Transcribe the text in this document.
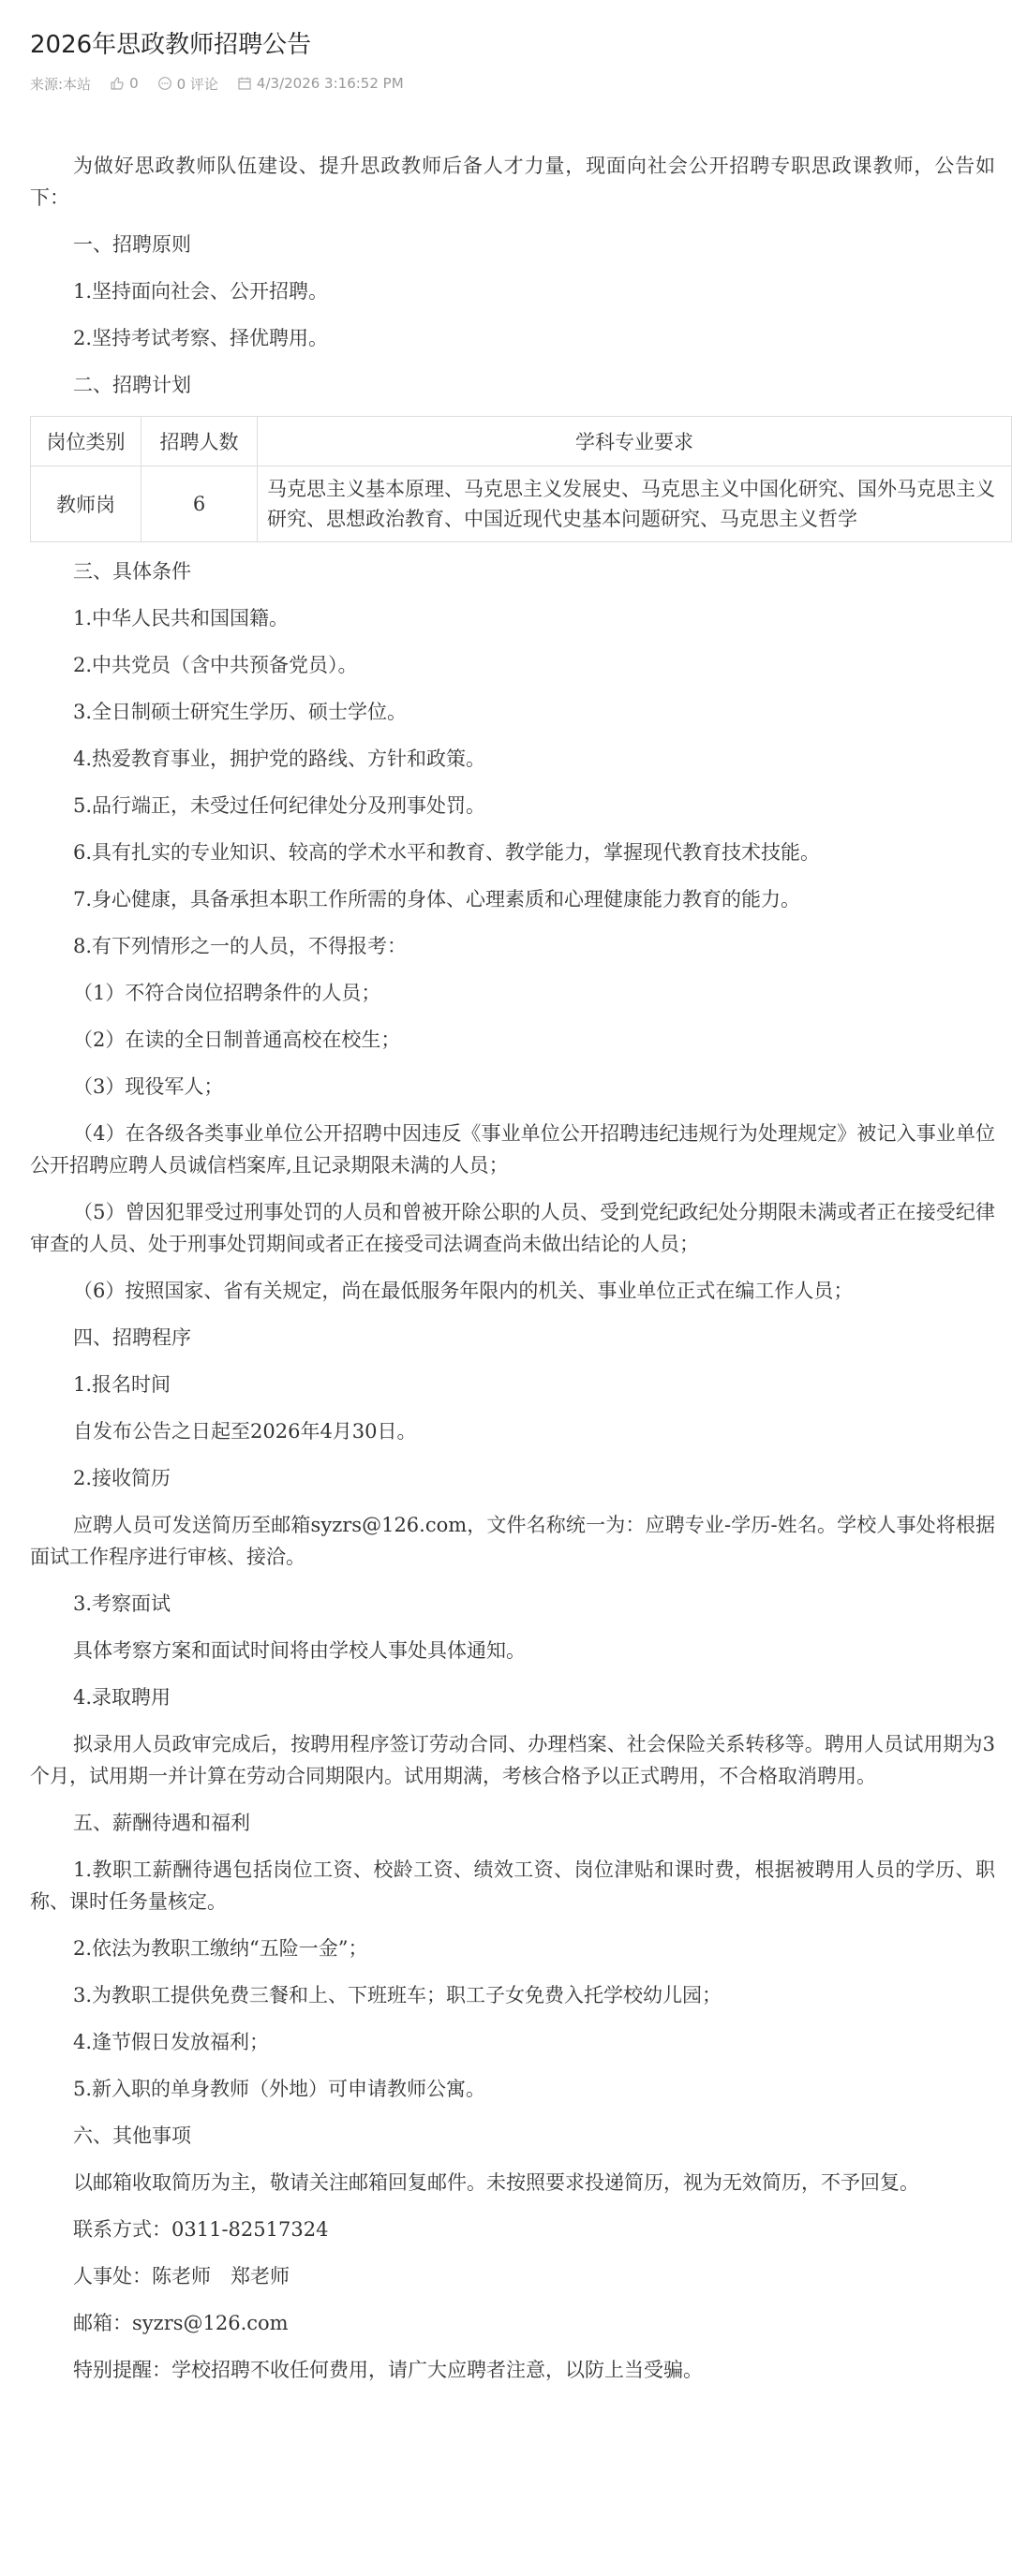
2026年思政教师招聘公告
来源:本站	0	0 评论	4/3/2026 3:16:52 PM

为做好思政教师队伍建设、提升思政教师后备人才力量，现面向社会公开招聘专职思政课教师，公告如下：

一、招聘原则

1.坚持面向社会、公开招聘。

2.坚持考试考察、择优聘用。

二、招聘计划

岗位类别	招聘人数	学科专业要求
教师岗	6	马克思主义基本原理、马克思主义发展史、马克思主义中国化研究、国外马克思主义研究、思想政治教育、中国近现代史基本问题研究、马克思主义哲学

三、具体条件

1.中华人民共和国国籍。

2.中共党员（含中共预备党员）。

3.全日制硕士研究生学历、硕士学位。

4.热爱教育事业，拥护党的路线、方针和政策。

5.品行端正，未受过任何纪律处分及刑事处罚。

6.具有扎实的专业知识、较高的学术水平和教育、教学能力，掌握现代教育技术技能。

7.身心健康，具备承担本职工作所需的身体、心理素质和心理健康能力教育的能力。

8.有下列情形之一的人员，不得报考：

（1）不符合岗位招聘条件的人员；

（2）在读的全日制普通高校在校生；

（3）现役军人；

（4）在各级各类事业单位公开招聘中因违反《事业单位公开招聘违纪违规行为处理规定》被记入事业单位公开招聘应聘人员诚信档案库,且记录期限未满的人员；

（5）曾因犯罪受过刑事处罚的人员和曾被开除公职的人员、受到党纪政纪处分期限未满或者正在接受纪律审查的人员、处于刑事处罚期间或者正在接受司法调查尚未做出结论的人员；

（6）按照国家、省有关规定，尚在最低服务年限内的机关、事业单位正式在编工作人员；

四、招聘程序

1.报名时间

自发布公告之日起至2026年4月30日。

2.接收简历

应聘人员可发送简历至邮箱syzrs@126.com，文件名称统一为：应聘专业-学历-姓名。学校人事处将根据面试工作程序进行审核、接洽。

3.考察面试

具体考察方案和面试时间将由学校人事处具体通知。

4.录取聘用

拟录用人员政审完成后，按聘用程序签订劳动合同、办理档案、社会保险关系转移等。聘用人员试用期为3个月，试用期一并计算在劳动合同期限内。试用期满，考核合格予以正式聘用，不合格取消聘用。

五、薪酬待遇和福利

1.教职工薪酬待遇包括岗位工资、校龄工资、绩效工资、岗位津贴和课时费，根据被聘用人员的学历、职称、课时任务量核定。

2.依法为教职工缴纳“五险一金”；

3.为教职工提供免费三餐和上、下班班车；职工子女免费入托学校幼儿园；

4.逢节假日发放福利；

5.新入职的单身教师（外地）可申请教师公寓。

六、其他事项

以邮箱收取简历为主，敬请关注邮箱回复邮件。未按照要求投递简历，视为无效简历，不予回复。

联系方式：0311-82517324

人事处：陈老师　郑老师

邮箱：syzrs@126.com

特别提醒：学校招聘不收任何费用，请广大应聘者注意，以防上当受骗。
